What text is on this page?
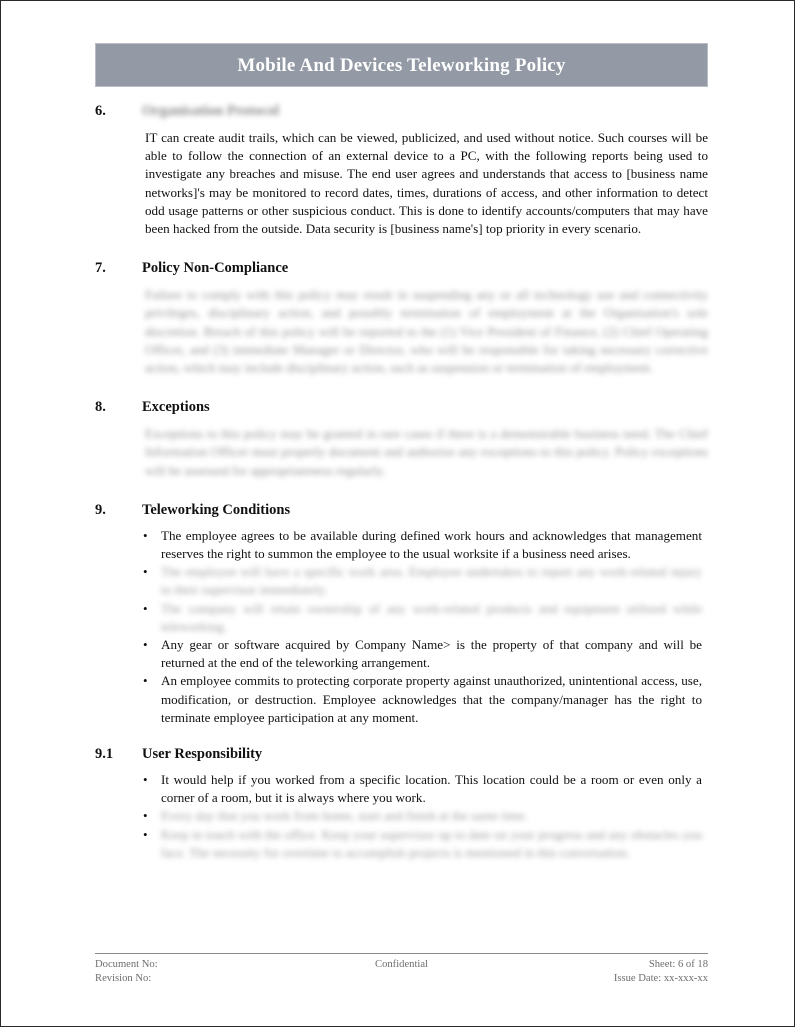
Mobile And Devices Teleworking Policy
6.	Organisation Protocol
IT can create audit trails, which can be viewed, publicized, and used without notice. Such courses will be able to follow the connection of an external device to a PC, with the following reports being used to investigate any breaches and misuse. The end user agrees and understands that access to [business name networks]'s may be monitored to record dates, times, durations of access, and other information to detect odd usage patterns or other suspicious conduct. This is done to identify accounts/computers that may have been hacked from the outside. Data security is [business name's] top priority in every scenario.
7.	Policy Non-Compliance
Failure to comply with this policy may result in suspending any or all technology use and connectivity privileges, disciplinary action, and possibly termination of employment at the Organisation's sole discretion. Breach of this policy will be reported to the (1) Vice President of Finance, (2) Chief Operating Officer, and (3) immediate Manager or Director, who will be responsible for taking necessary corrective action, which may include disciplinary action, such as suspension or termination of employment.
8.	Exceptions
Exceptions to this policy may be granted in rare cases if there is a demonstrable business need. The Chief Information Officer must properly document and authorize any exceptions to this policy. Policy exceptions will be assessed for appropriateness regularly.
9.	Teleworking Conditions
•	The employee agrees to be available during defined work hours and acknowledges that management reserves the right to summon the employee to the usual worksite if a business need arises.
•	The employee will have a specific work area. Employee undertakes to report any work-related injury to their supervisor immediately.
•	The company will retain ownership of any work-related products and equipment utilized while teleworking.
•	Any gear or software acquired by Company Name> is the property of that company and will be returned at the end of the teleworking arrangement.
•	An employee commits to protecting corporate property against unauthorized, unintentional access, use, modification, or destruction. Employee acknowledges that the company/manager has the right to terminate employee participation at any moment.
9.1	User Responsibility
•	It would help if you worked from a specific location. This location could be a room or even only a corner of a room, but it is always where you work.
•	Every day that you work from home, start and finish at the same time.
•	Keep in touch with the office. Keep your supervisor up to date on your progress and any obstacles you face. The necessity for overtime to accomplish projects is mentioned in this conversation.
Document No:
Revision No:
Confidential	Sheet: 6 of 18
Issue Date: xx-xxx-xx
